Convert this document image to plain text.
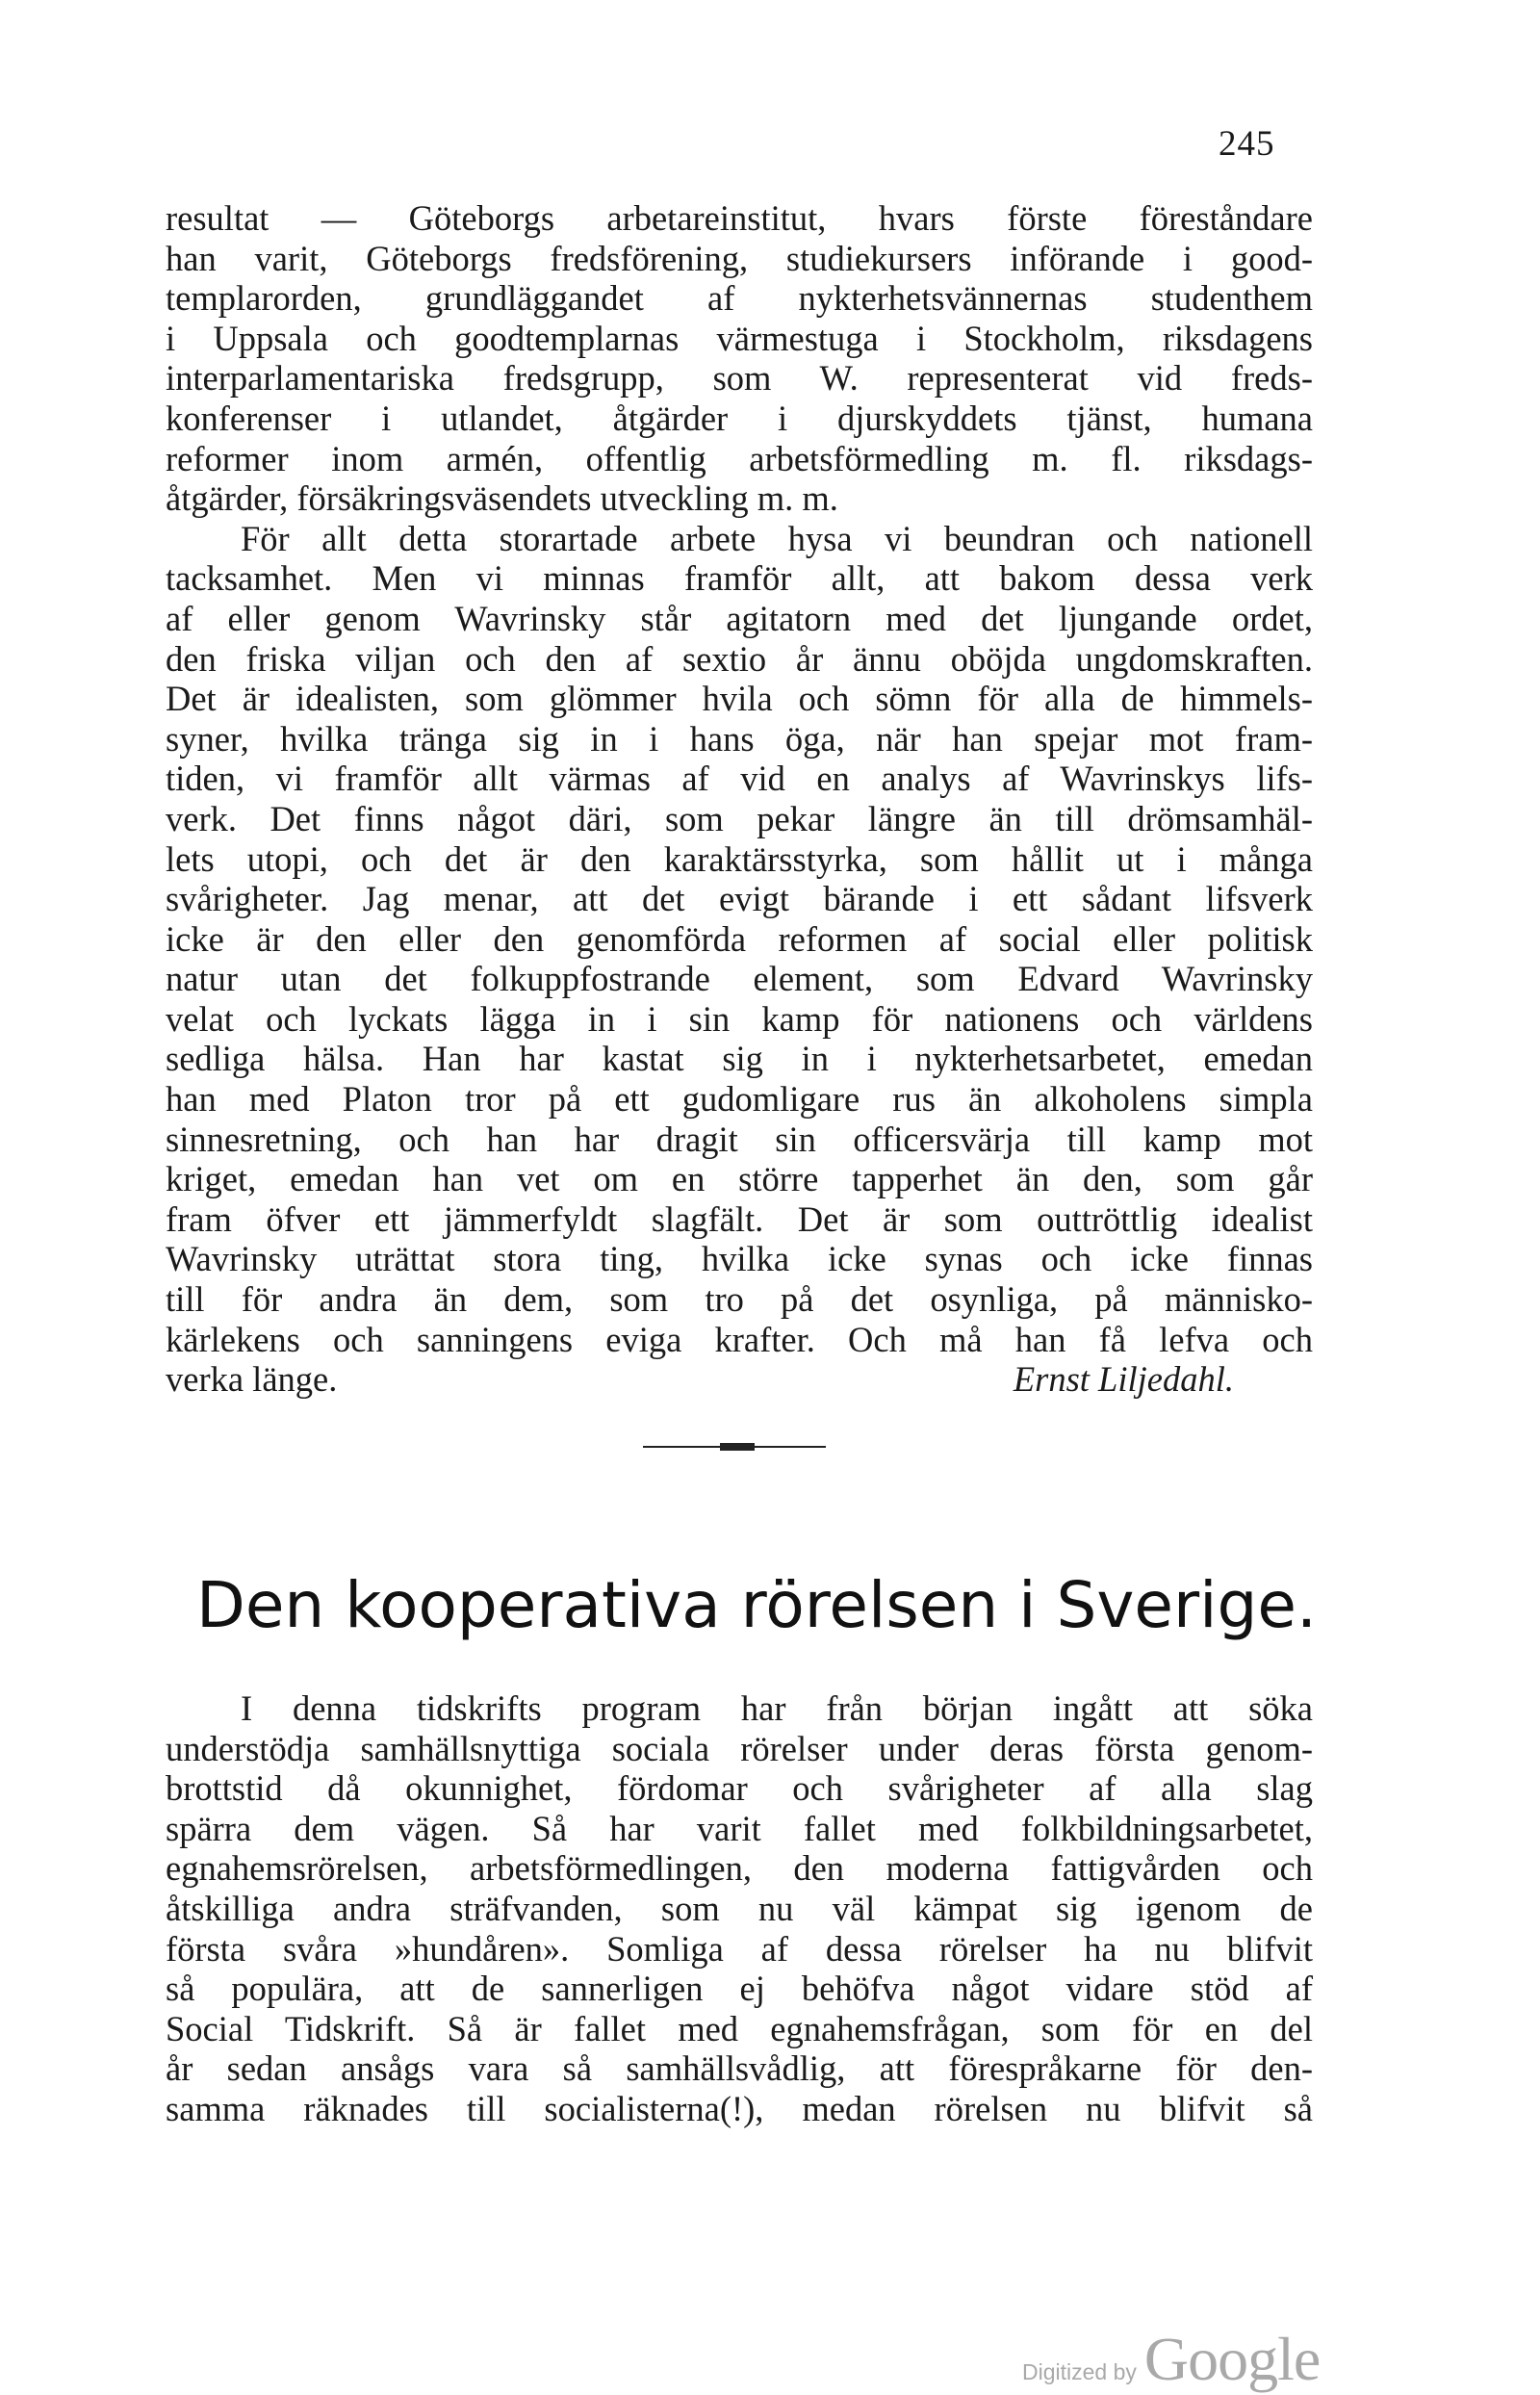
245
resultat — Göteborgs arbetareinstitut, hvars förste föreståndare
han varit, Göteborgs fredsförening, studiekursers införande i good-
templarorden, grundläggandet af nykterhetsvännernas studenthem
i Uppsala och goodtemplarnas värmestuga i Stockholm, riksdagens
interparlamentariska fredsgrupp, som W. representerat vid freds-
konferenser i utlandet, åtgärder i djurskyddets tjänst, humana
reformer inom armén, offentlig arbetsförmedling m. fl. riksdags-
åtgärder, försäkringsväsendets utveckling m. m.
För allt detta storartade arbete hysa vi beundran och nationell
tacksamhet. Men vi minnas framför allt, att bakom dessa verk
af eller genom Wavrinsky står agitatorn med det ljungande ordet,
den friska viljan och den af sextio år ännu oböjda ungdomskraften.
Det är idealisten, som glömmer hvila och sömn för alla de himmels-
syner, hvilka tränga sig in i hans öga, när han spejar mot fram-
tiden, vi framför allt värmas af vid en analys af Wavrinskys lifs-
verk. Det finns något däri, som pekar längre än till drömsamhäl-
lets utopi, och det är den karaktärsstyrka, som hållit ut i många
svårigheter. Jag menar, att det evigt bärande i ett sådant lifsverk
icke är den eller den genomförda reformen af social eller politisk
natur utan det folkuppfostrande element, som Edvard Wavrinsky
velat och lyckats lägga in i sin kamp för nationens och världens
sedliga hälsa. Han har kastat sig in i nykterhetsarbetet, emedan
han med Platon tror på ett gudomligare rus än alkoholens simpla
sinnesretning, och han har dragit sin officersvärja till kamp mot
kriget, emedan han vet om en större tapperhet än den, som går
fram öfver ett jämmerfyldt slagfält. Det är som outtröttlig idealist
Wavrinsky uträttat stora ting, hvilka icke synas och icke finnas
till för andra än dem, som tro på det osynliga, på människo-
kärlekens och sanningens eviga krafter. Och må han få lefva och
verka länge.	Ernst Liljedahl.
Den kooperativa rörelsen i Sverige.
I denna tidskrifts program har från början ingått att söka
understödja samhällsnyttiga sociala rörelser under deras första genom-
brottstid då okunnighet, fördomar och svårigheter af alla slag
spärra dem vägen. Så har varit fallet med folkbildningsarbetet,
egnahemsrörelsen, arbetsförmedlingen, den moderna fattigvården och
åtskilliga andra sträfvanden, som nu väl kämpat sig igenom de
första svåra »hundåren». Somliga af dessa rörelser ha nu blifvit
så populära, att de sannerligen ej behöfva något vidare stöd af
Social Tidskrift. Så är fallet med egnahemsfrågan, som för en del
år sedan ansågs vara så samhällsvådlig, att förespråkarne för den-
samma räknades till socialisterna(!), medan rörelsen nu blifvit så
Digitized by Google
